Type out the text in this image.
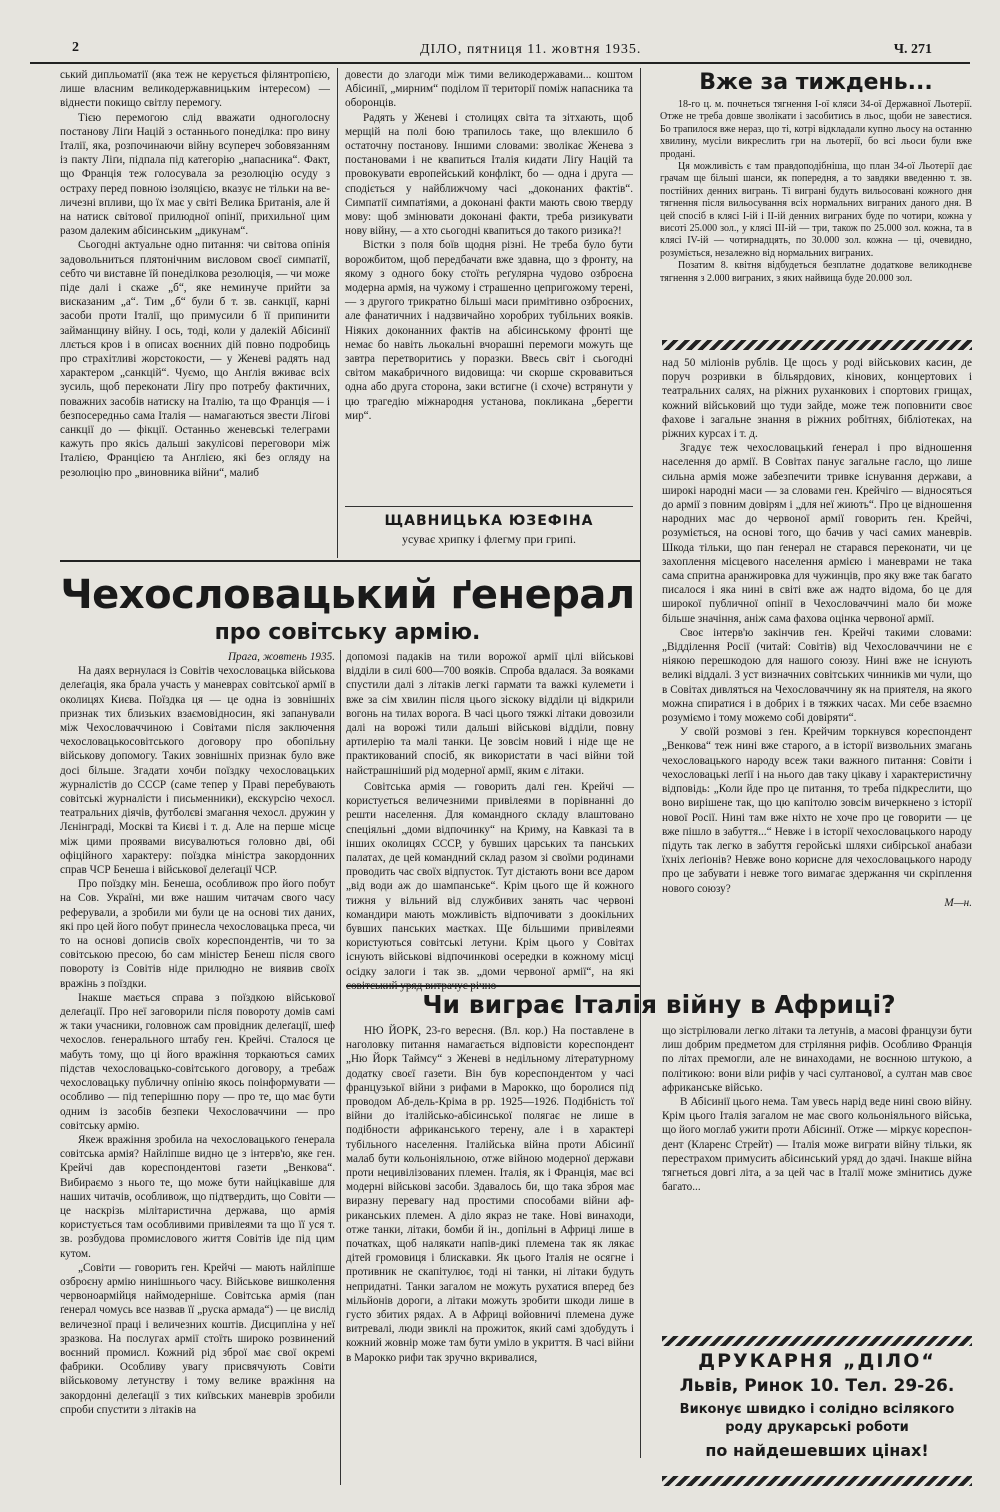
2	ДІЛО, пятниця 11. жовтня 1935.	Ч. 271

ський дипльоматії (яка теж не керується філянтропією, лише власним великодержавницьким інтересом) — віднести покищо світлу перемогу.

Тією перемогою слід вважати одноголосну постанову Ліґи Націй з останнього понеділка: про вину Італії, яка, розпочинаючи війну всупереч зобовязанням із пакту Ліґи, підпала під категорію „напасника“. Факт, що Франція теж голосувала за резолюцію осуду з остраху перед повною ізоляцією, вказує не тільки на величезні впливи, що їх має у світі Велика Британія, але й на натиск світової прилюдної опінії, прихильної цим разом далеким абісинським „дикунам“.

Сьогодні актуальне одно питання: чи світова опінія задовольниться плятонічним висловом своєї симпатії, себто чи виставне їй понеділкова резолюція, — чи може піде далі і скаже „б“, яке неминуче прийти за висказаним „а“. Тим „б“ були б т. зв. санкції, карні засоби проти Італії, що примусили б її припинити займанщину війну. І ось, тоді, коли у далекій Абісинії ллється кров і в описах воєнних дій повно подробиць про страхітливі жорстокости, — у Женеві радять над характером „санкцій“. Чуємо, що Анґлія вживає всіх зусиль, щоб переконати Ліґу про потребу фактичних, поважних засобів натиску на Італію, та що Франція — і безпосередньо сама Італія — намагаються звести Ліґові санкції до — фікції. Останньо женевські телеграми кажуть про якісь дальші закулісові переговори між Італією, Францією та Анґлією, які без огляду на резолюцію про „виновника війни“, малиб

довести до злагоди між тими великодержавами... коштом Абісинії, „мирним“ поділом її території поміж напасника та оборонців.

Радять у Женеві і столицях світа та зітхають, щоб мерщій на полі бою трапилось таке, що влекшило б остаточну постанову. Іншими словами: зволікає Женева з постановами і не квапиться Італія кидати Ліґу Націй та провокувати европейський конфлікт, бо — одна і друга — сподіється у найближчому часі „доконаних фактів“. Симпатії симпатіями, а доконані факти мають свою тверду мову: щоб змінювати доконані факти, треба ризикувати нову війну, — а хто сьогодні квапиться до такого ризика?!

Вістки з поля боїв щодня різні. Не треба було бути ворожбитом, щоб передбачати вже здавна, що з фронту, на якому з одного боку стоїть реґулярна чудово озброєна модерна армія, на чужому і страшенно цепригожому терені, — з другого трикратно більші маси примітивно озброєних, але фанатичних і надзвичайно хоробрих тубільних вояків. Ніяких доконанних фактів на абісинському фронті ще немає бо навіть льокальні вчорашні перемоги можуть ще завтра перетворитись у поразки. Ввесь світ і сьогодні світом макабричного видовища: чи скорше скровавиться одна або друга сторона, заки встигне (і схоче) встрянути у цю трагедію міжнародня установа, покликана „берегти мир“.

ЩАВНИЦЬКА ЮЗЕФІНА
усуває хрипку і флегму при грипі.
Вже за тиждень...

18-го ц. м. почнеться тягнення І-ої кляси 34-ої Державної Льотерії. Отже не треба довше зволікати і засобитись в льос, щоби не завестися. Бо трапилося вже нераз, що ті, котрі відкладали купно льосу на останню хвилину, мусіли викреслить гри на льотерії, бо всі льоси були вже продані.

Ця можливість є там правдоподібніша, що план 34-ої Льотерії дає грачам ще більші шанси, як попередня, а то завдяки введенню т. зв. постійних денних вигрань. Ті виграні будуть вильосовані кожного дня тягнення після вильосування всіх нормальних виграних даного дня. В цей спосіб в клясі І-ій і ІІ-ій денних виграних буде по чотири, кожна у висоті 25.000 зол., у клясі ІІІ-ій — три, також по 25.000 зол. кожна, та в клясі IV-ій — чотирнадцять, по 30.000 зол. кожна — ці, очевидно, розуміється, незалежно від нормальних виграних.

Позатим 8. квітня відбудеться безплатне додаткове великоднєве тягнення з 2.000 виграних, з яких найвища буде 20.000 зол.

над 50 міліонів рублів. Це щось у роді військових касин, де поруч розривки в більярдових, кінових, концертових і театральних салях, на ріжних руханкових і спортових грищах, кожний військовий що туди зайде, може теж поповнити своє фахове і загальне знання в ріжних робітнях, бібліотеках, на ріжних курсах і т. д.

Згадує теж чехословацький ґенерал і про відношення населення до армії. В Совітах панує загальне гасло, що лише сильна армія може забезпечити тривке існування держави, а широкі народні маси — за словами ген. Крейчіго — відносяться до армії з повним довірям і „для неї жиють“. Про це відношення народних мас до червоної армії говорить ґен. Крейчі, розуміється, на основі того, що бачив у часі самих маневрів. Шкода тільки, що пан ґенерал не старався переконати, чи це захоплення місцевого населення армією і маневрами не така сама спритна аранжировка для чужинців, про яку вже так багато писалося і яка нині в світі вже аж надто відома, бо це для широкої публичної опінії в Чехословаччині мало би може більше значіння, аніж сама фахова оцінка червоної армії.

Своє інтерв'ю закінчив ґен. Крейчі такими словами: „Відділення Росії (читай: Совітів) від Чехословаччини не є ніякою перешкодою для нашого союзу. Нині вже не існують великі віддалі. З уст визначних совітських чинників ми чули, що в Совітах дивляться на Чехословаччину як на приятеля, на якого можна спиратися і в добрих і в тяжких часах. Ми себе взаємно розуміємо і тому можемо собі довіряти“.

У своїй розмові з ґен. Крейчим торкнувся кореспондент „Венкова“ теж нині вже старого, а в історії визвольних змагань чехословацького народу всеж таки важного питання: Совіти і чехословацькі леґії і на нього дав таку цікаву і характеристичну відповідь: „Коли йде про це питання, то треба підкреслити, що воно вирішене так, що цю капітолю зовсім вичеркнено з історії нової Росії. Нині там вже ніхто не хоче про це говорити — це вже пішло в забуття...“ Невже і в історії чехословацького народу підуть так легко в забуття геройські шляхи сибірської анабази їхніх леґіонів? Невже воно корисне для чехословацького народу про це забувати і невже того вимагає здержання чи скріплення нового союзу?

М—н.
Чехословацький ґенерал
про совітську армію.
Прага, жовтень 1935.

На даях вернулася із Совітів чехословацька військова делеґація, яка брала участь у маневрах совітської армії в околицях Києва. Поїздка ця — це одна із зовнішніх признак тих близьких взаємовідносин, які запанували між Чехословаччиною і Совітами після заключення чехословацькосовітського договору про обопільну військову допомогу. Таких зовнішніх признак було вже досі більше. Згадати хочби поїздку чехословацьких журналістів до СССР (саме тепер у Праві перебувають совітські журналісти і письменники), екскурсію чехосл. театральних діячів, футболєві змагання чехосл. дружин у Лєнінграді, Москві та Києві і т. д. Але на перше місце між цими проявами висувалються головно дві, обі офіційного характеру: поїздка міністра закордонних справ ЧСР Бенеша і військової делеґації ЧСР.

Про поїздку мін. Бенеша, особливож про його побут на Сов. Україні, ми вже нашим читачам свого часу реферували, а зробили ми були це на основі тих даних, які про цей його побут принесла чехословацька преса, чи то на основі дописів своїх кореспондентів, чи то за совітською пресою, бо сам міністер Бенеш після свого повороту із Совітів ніде прилюдно не виявив своїх вражінь з поїздки.

Інакше мається справа з поїздкою військової делеґації. Про неї заговорили після повороту домів самі ж таки учасники, головнож сам провідник делеґації, шеф чехослов. ґенерального штабу ген. Крейчі. Сталося це мабуть тому, що ці його вражіння торкаються самих підстав чехословацько-совітського договору, а требаж чехословацьку публичну опінію якось поінформувати — особливо — під теперішню пору — про те, що має бути одним із засобів безпеки Чехословаччини — про совітську армію.

Якеж вражіння зробила на чехословацького ґенерала совітська армія? Найліпше видно це з інтерв'ю, яке ген. Крейчі дав кореспондентові газети „Венкова“. Вибираємо з нього те, що може бути найцікавіше для наших читачів, особливож, що підтвердить, що Совіти — це наскрізь мілітаристична держава, що армія користується там особливими привілеями та що її уся т. зв. розбудова промислового життя Совітів іде під цим кутом.

„Совіти — говорить ген. Крейчі — мають найліпше озброєну армію нинішнього часу. Військове вишколення червоноармійця наймодерніше. Совітська армія (пан ґенерал чомусь все назвав її „руска армада“) — це вислід величезної праці і величезних коштів. Дисципліна у неї зразкова. На послугах армії стоїть широко розвинений воєнний промисл. Кожний рід зброї має свої окремі фабрики. Особливу увагу присвячують Совіти військовому летунству і тому велике вражіння на закордонні делеґації з тих київських маневрів зробили спроби спустити з літаків на

допомозі падаків на тили ворожої армії цілі військові відділи в силі 600—700 вояків. Спроба вдалася. За вояками спустили далі з літаків легкі гармати та важкі кулемети і вже за сім хвилин після цього зіскоку відділи ці відкрили вогонь на тилах ворога. В часі цього тяжкі літаки довозили далі на ворожі тили дальші військові відділи, повну артилерію та малі танки. Це зовсім новий і ніде ще не практикований спосіб, як використати в часі війни той найстрашніший рід модерної армії, яким є літаки.

Совітська армія — говорить далі ген. Крейчі — користується величезними привілеями в порівнанні до решти населення. Для командного складу влаштовано спеціяльні „доми відпочинку“ на Криму, на Кавказі та в інших околицях СССР, у бувших царських та панських палатах, де цей командний склад разом зі своїми родинами проводить час своїх відпусток. Тут дістають вони все даром „від води аж до шампанське“. Крім цього ще й кожного тижня у вільний від службивих занять час червоні командири мають можливість відпочивати з доокільних бувших панських маєтках. Ще більшими привілеями користуються совітські летуни. Крім цього у Совітах існують військові відпочинкові осередки в кожному місці осідку залоги і так зв. „доми червоної армії“, на які

Чи виграє Італія війну в Африці?

НЮ ЙОРК, 23-го вересня. (Вл. кор.) На поставлене в наголовку питання намагається відповісти кореспондент „Ню Йорк Таймсу“ з Женеві в недільному літературному додатку своєї газети. Він був кореспондентом у часі французької війни з рифами в Марокко, що боролися під проводом Аб-дель-Кріма в рр. 1925—1926. Подібність тої війни до італійсько-абісинської полягає не лише в подібности африканського терену, але і в характері тубільного населення. Італійська війна проти Абісинії малаб бути кольоніяльною, отже війною модерної держави проти нецивілізованих племен. Італія, як і Франція, має всі модерні військові засоби. Здавалось би, що така зброя має виразну перевагу над простими способами війни африканських племен. А діло якраз не таке. Нові винаходи, отже танки, літаки, бомби й ін., допільні в Африці лише в початках, щоб налякати напів-дикі племена так як лякає дітей громовиця і блискавки. Як цього Італія не осягне і противник не скапітулює, тоді ні танки, ні літаки будуть непридатні. Танки загалом не можуть рухатися вперед без мільйонів дороги, а літаки можуть зробити шкоди лише в густо збитих рядах. А в Африці войовничі племена дуже витревалі, люди звиклі на прожиток, який самі здобудуть і кожний жовнір може там бути уміло в укриття. В часі війни в Марокко рифи так зручно вкривалися,

що зістрілювали легко літаки та летунів, а масові французи бути лиш добрим предметом для стріляння рифів. Особливо Франція по літах премогли, але не винаходами, не воєнною штукою, а політикою: вони віли рифів у часі султанової, а султан мав своє африканське військо.

В Абісинії цього нема. Там увесь нарід веде нині свою війну. Крім цього Італія загалом не має свого кольоніяльного війська, що його моглаб ужити проти Абісинії. Отже — міркує кореспондент (Кларенс Стрейт) — Італія може виграти війну тільки, як перестрахом примусить абісинський уряд до здачі. Інакше війна тягнеться довгі літа, а за цей час в Італії може змінитись дуже багато...

ДРУКАРНЯ „ДІЛО“
Львів, Ринок 10. Тел. 29-26.
Виконує швидко і солідно всілякого
роду друкарські роботи
по найдешевших цінах!
